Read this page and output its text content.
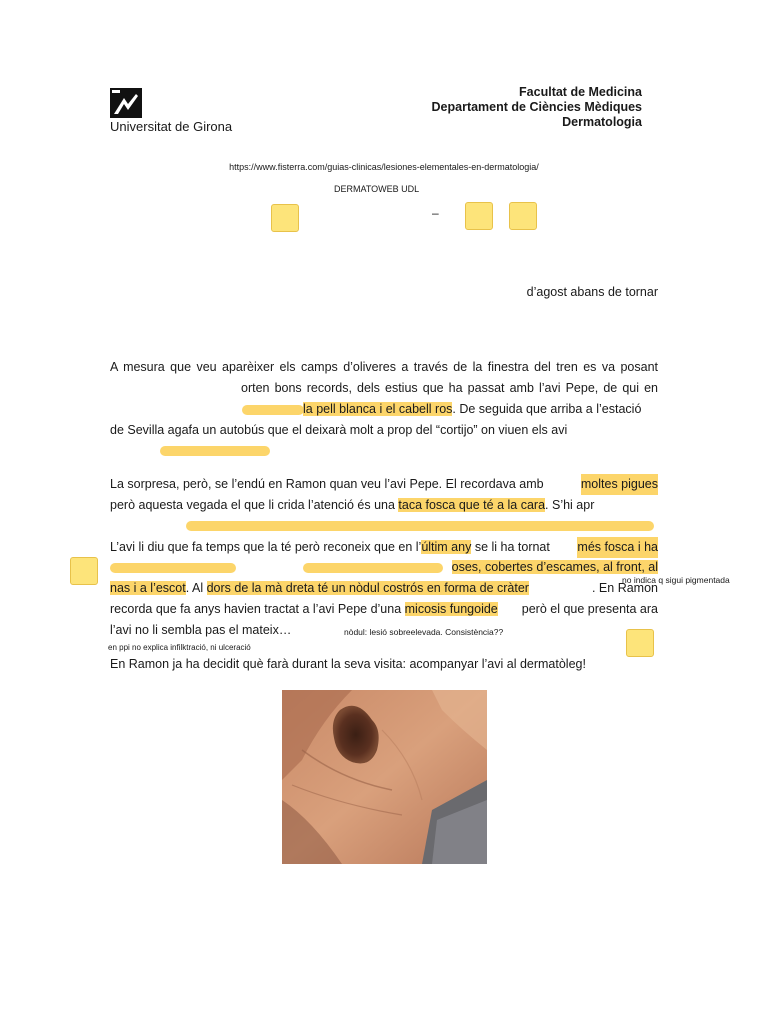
Universitat de Girona
Facultat de Medicina
Departament de Ciències Mèdiques
Dermatologia
https://www.fisterra.com/guias-clinicas/lesiones-elementales-en-dermatologia/
DERMATOWEB UDL
–
d’agost abans de tornar
A mesura que veu aparèixer els camps d’oliveres a través de la finestra del tren es va posant
orten bons records, dels estius que ha passat amb l’avi Pepe, de qui en
la pell blanca i el cabell ros. De seguida que arriba a l’estació
de Sevilla agafa un autobús que el deixarà molt a prop del “cortijo” on viuen els avi
La sorpresa, però, se l’endú en Ramon quan veu l’avi Pepe. El recordava amb	moltes pigues
però aquesta vegada el que li crida l’atenció és una taca fosca que té a la cara. S’hi apr
L’avi li diu que fa temps que la té però reconeix que en l’últim any se li ha tornat més fosca i ha
oses, cobertes d’escames, al front, al
nas i a l’escot. Al dors de la mà dreta té un nòdul costrós en forma de cràter	. En Ramon
no indica q sigui pigmentada
recorda que fa anys havien tractat a l’avi Pepe d’una micosis fungoide però el que presenta ara
l’avi no li sembla pas el mateix…	nòdul: lesió sobreelevada. Consistència??
en ppi no explica infilktració, ni ulceració
En Ramon ja ha decidit què farà durant la seva visita: acompanyar l’avi al dermatòleg!
